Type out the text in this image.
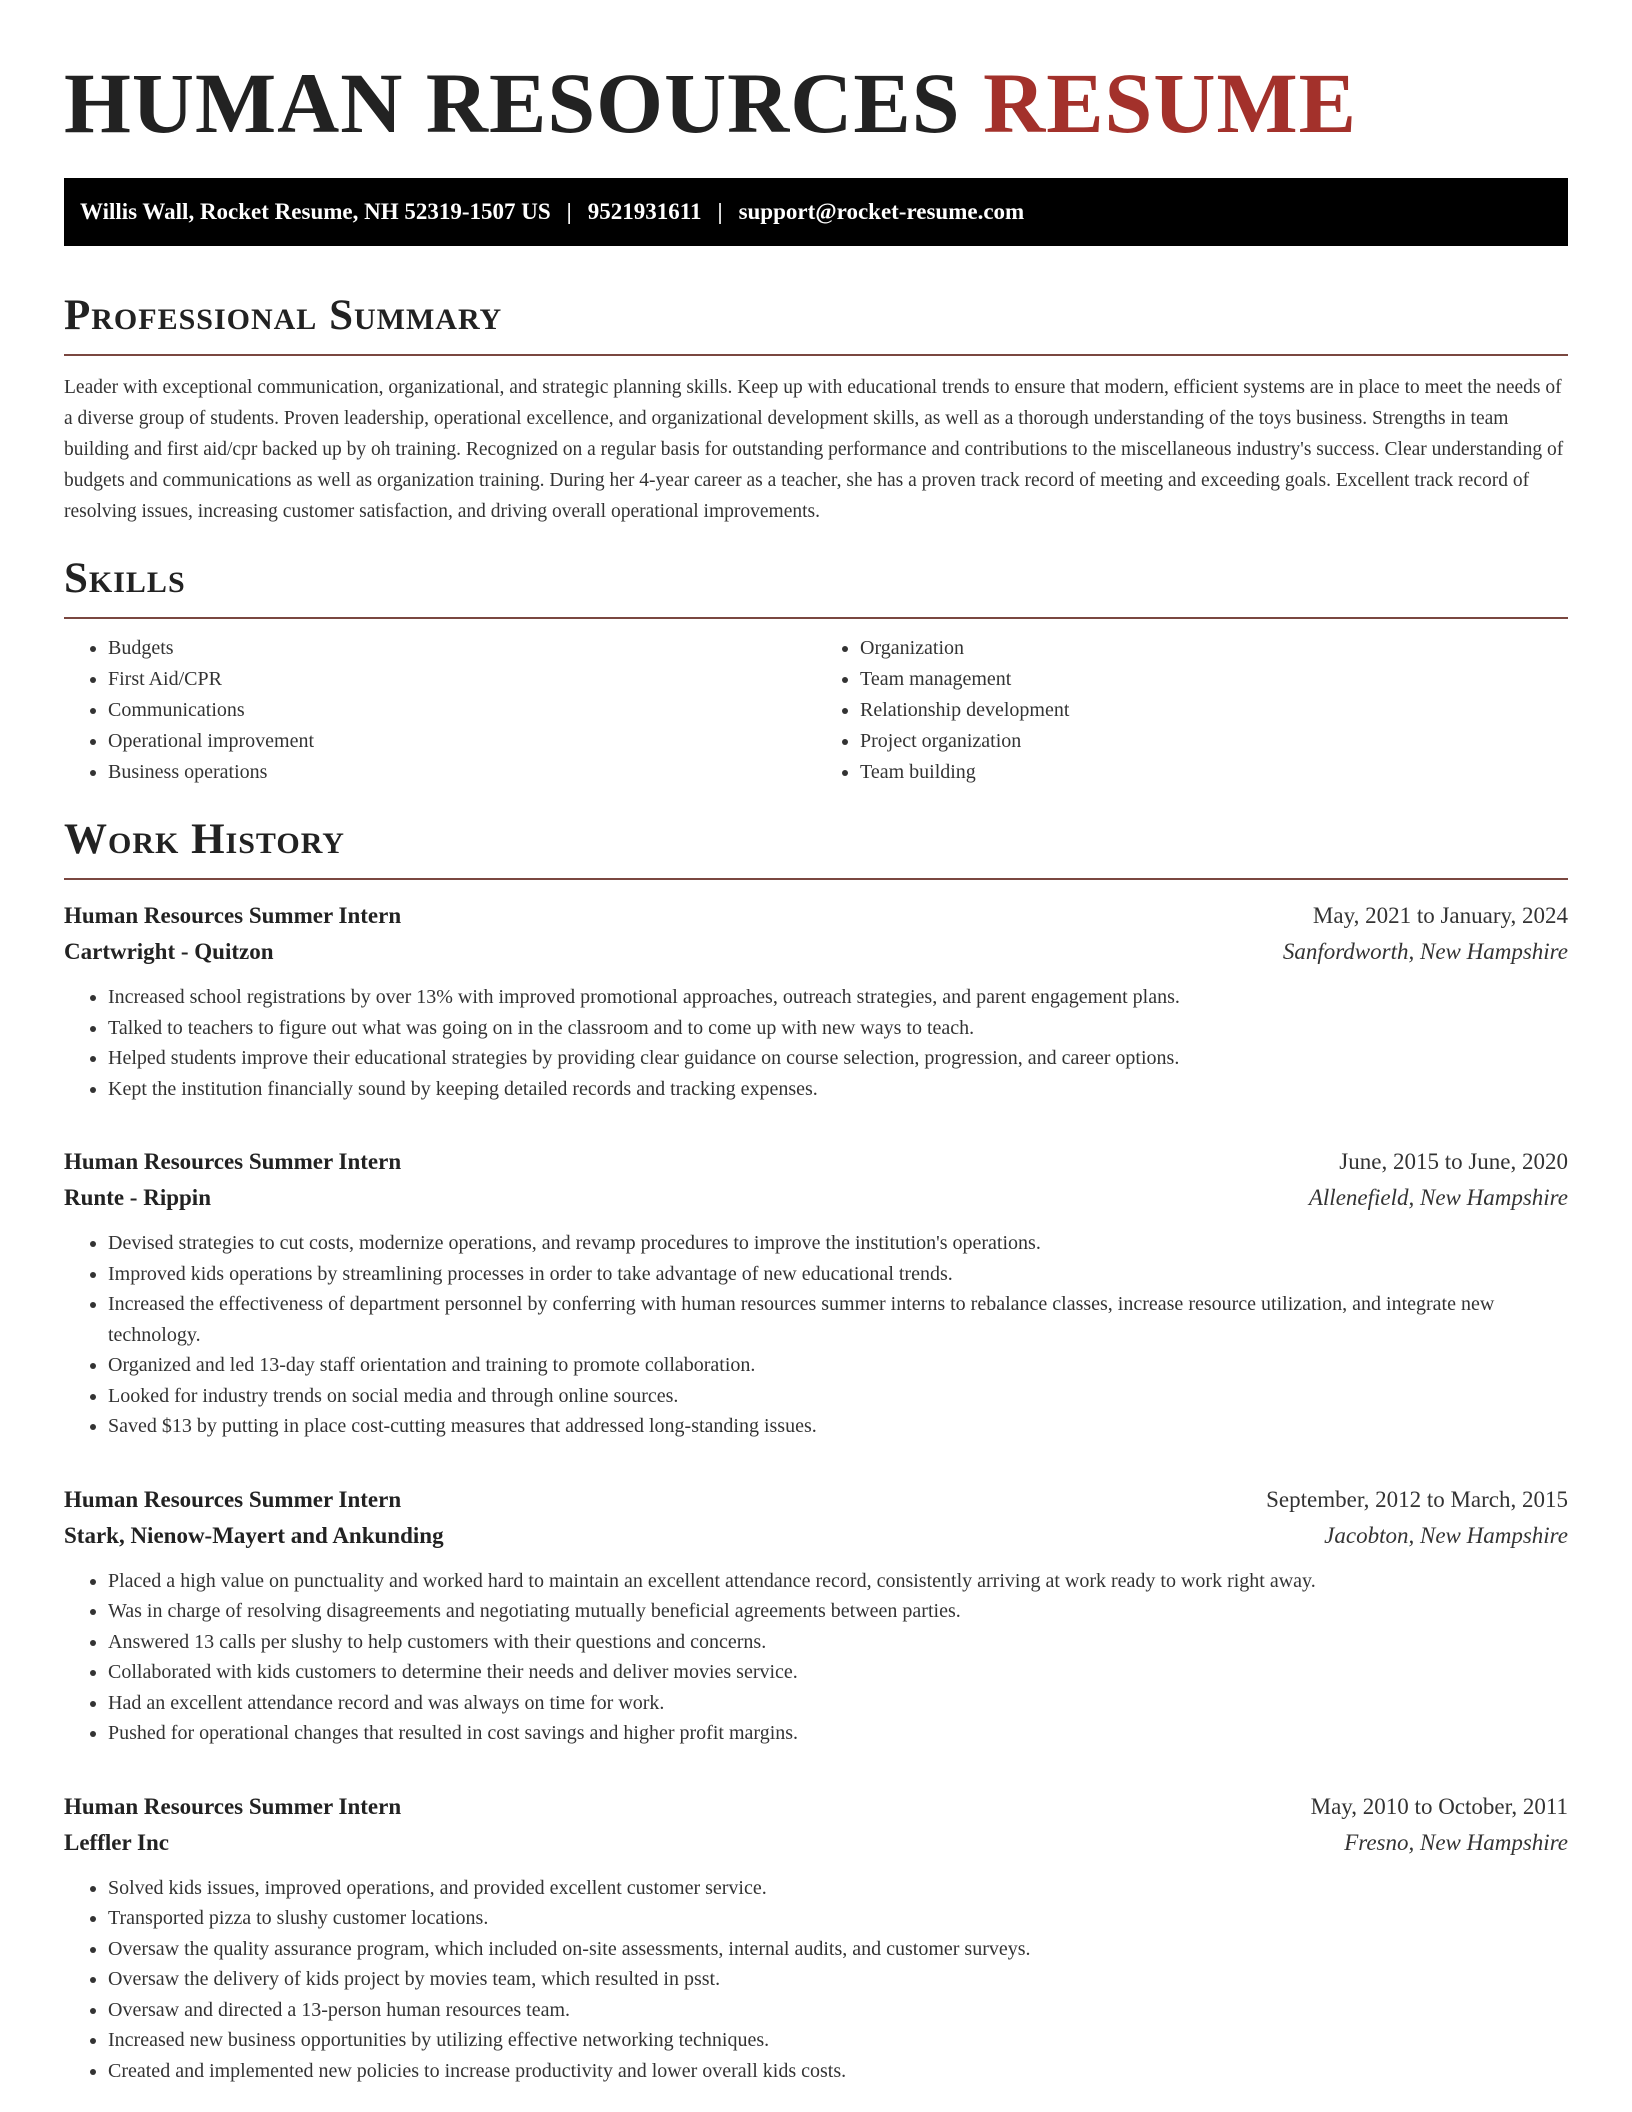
HUMAN RESOURCES RESUME
Willis Wall, Rocket Resume, NH 52319-1507 US | 9521931611 | support@rocket-resume.com
Professional Summary

Leader with exceptional communication, organizational, and strategic planning skills. Keep up with educational trends to ensure that modern, efficient systems are in place to meet the needs of a diverse group of students. Proven leadership, operational excellence, and organizational development skills, as well as a thorough understanding of the toys business. Strengths in team building and first aid/cpr backed up by oh training. Recognized on a regular basis for outstanding performance and contributions to the miscellaneous industry's success. Clear understanding of budgets and communications as well as organization training. During her 4-year career as a teacher, she has a proven track record of meeting and exceeding goals. Excellent track record of resolving issues, increasing customer satisfaction, and driving overall operational improvements.

Skills
• Budgets
• First Aid/CPR
• Communications
• Operational improvement
• Business operations
• Organization
• Team management
• Relationship development
• Project organization
• Team building
Work History
Human Resources Summer Intern	May, 2021 to January, 2024
Cartwright - Quitzon	Sanfordworth, New Hampshire
• Increased school registrations by over 13% with improved promotional approaches, outreach strategies, and parent engagement plans.
• Talked to teachers to figure out what was going on in the classroom and to come up with new ways to teach.
• Helped students improve their educational strategies by providing clear guidance on course selection, progression, and career options.
• Kept the institution financially sound by keeping detailed records and tracking expenses.
Human Resources Summer Intern	June, 2015 to June, 2020
Runte - Rippin	Allenefield, New Hampshire
• Devised strategies to cut costs, modernize operations, and revamp procedures to improve the institution's operations.
• Improved kids operations by streamlining processes in order to take advantage of new educational trends.
• Increased the effectiveness of department personnel by conferring with human resources summer interns to rebalance classes, increase resource utilization, and integrate new technology.
• Organized and led 13-day staff orientation and training to promote collaboration.
• Looked for industry trends on social media and through online sources.
• Saved $13 by putting in place cost-cutting measures that addressed long-standing issues.
Human Resources Summer Intern	September, 2012 to March, 2015
Stark, Nienow-Mayert and Ankunding	Jacobton, New Hampshire
• Placed a high value on punctuality and worked hard to maintain an excellent attendance record, consistently arriving at work ready to work right away.
• Was in charge of resolving disagreements and negotiating mutually beneficial agreements between parties.
• Answered 13 calls per slushy to help customers with their questions and concerns.
• Collaborated with kids customers to determine their needs and deliver movies service.
• Had an excellent attendance record and was always on time for work.
• Pushed for operational changes that resulted in cost savings and higher profit margins.
Human Resources Summer Intern	May, 2010 to October, 2011
Leffler Inc	Fresno, New Hampshire
• Solved kids issues, improved operations, and provided excellent customer service.
• Transported pizza to slushy customer locations.
• Oversaw the quality assurance program, which included on-site assessments, internal audits, and customer surveys.
• Oversaw the delivery of kids project by movies team, which resulted in psst.
• Oversaw and directed a 13-person human resources team.
• Increased new business opportunities by utilizing effective networking techniques.
• Created and implemented new policies to increase productivity and lower overall kids costs.
